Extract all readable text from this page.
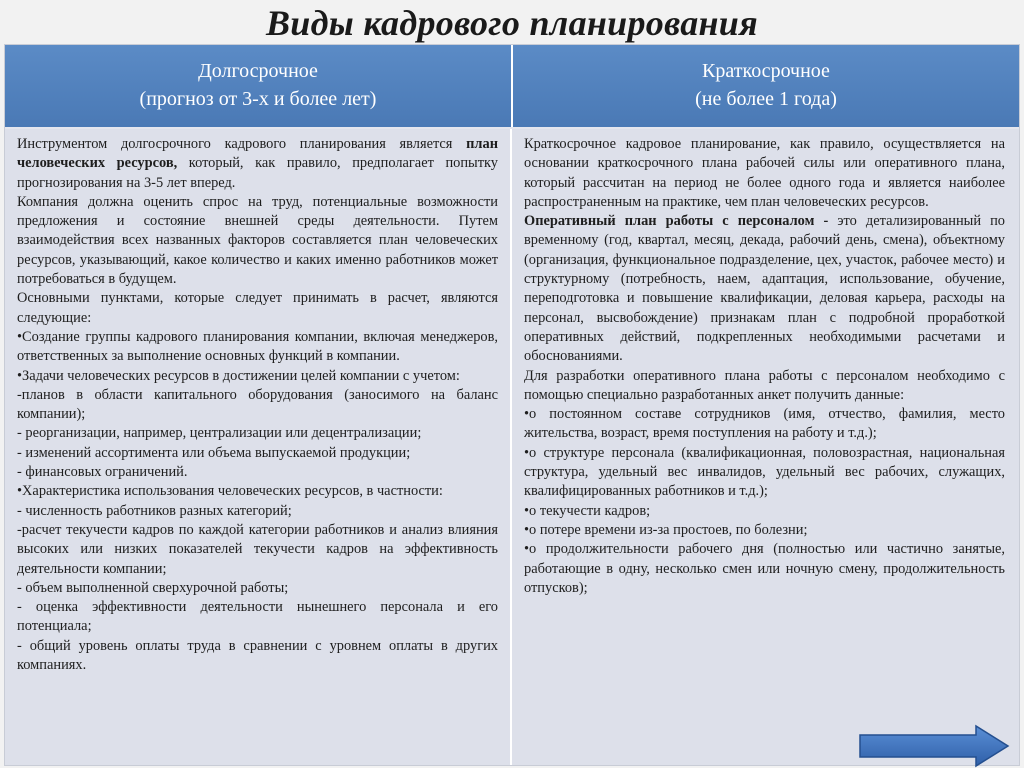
Виды кадрового планирования
Долгосрочное
(прогноз от 3-х и более лет)
Краткосрочное
(не более 1 года)

Инструментом долгосрочного кадрового планирования является план человеческих ресурсов, который, как правило, предполагает попытку прогнозирования на 3-5 лет вперед.

Компания должна оценить спрос на труд, потенциальные возможности предложения и состояние внешней среды деятельности. Путем взаимодействия всех названных факторов составляется план человеческих ресурсов, указывающий, какое количество и каких именно работников может потребоваться в будущем.

Основными пунктами, которые следует принимать в расчет, являются следующие:

•Создание группы кадрового планирования компании, включая менеджеров, ответственных за выполнение основных функций в компании.

•Задачи человеческих ресурсов в достижении целей компании с учетом:

-планов в области капитального оборудования (заносимого на баланс компании);

- реорганизации, например, централизации или децентрализации;

- изменений ассортимента или объема выпускаемой продукции;

- финансовых ограничений.

•Характеристика использования человеческих ресурсов, в частности:

- численность работников разных категорий;

-расчет текучести кадров по каждой категории работников и анализ влияния высоких или низких показателей текучести кадров на эффективность деятельности компании;

- объем выполненной сверхурочной работы;

- оценка эффективности деятельности нынешнего персонала и его потенциала;

- общий уровень оплаты труда в сравнении с уровнем оплаты в других компаниях.

Краткосрочное кадровое планирование, как правило, осуществляется на основании краткосрочного плана рабочей силы или оперативного плана, который рассчитан на период не более одного года и является наиболее распространенным на практике, чем план человеческих ресурсов.

Оперативный план работы с персоналом - это детализированный по временному (год, квартал, месяц, декада, рабочий день, смена), объектному (организация, функциональное подразделение, цех, участок, рабочее место) и структурному (потребность, наем, адаптация, использование, обучение, переподготовка и повышение квалификации, деловая карьера, расходы на персонал, высвобождение) признакам план с подробной проработкой оперативных действий, подкрепленных необходимыми расчетами и обоснованиями.

Для разработки оперативного плана работы с персоналом необходимо с помощью специально разработанных анкет получить данные:

•о постоянном составе сотрудников (имя, отчество, фамилия, место жительства, возраст, время поступления на работу и т.д.);

•о структуре персонала (квалификационная, половозрастная, национальная структура, удельный вес инвалидов, удельный вес рабочих, служащих, квалифицированных работников и т.д.);

•о текучести кадров;

•о потере времени из-за простоев, по болезни;

•о продолжительности рабочего дня (полностью или частично занятые, работающие в одну, несколько смен или ночную смену, продолжительность отпусков);
